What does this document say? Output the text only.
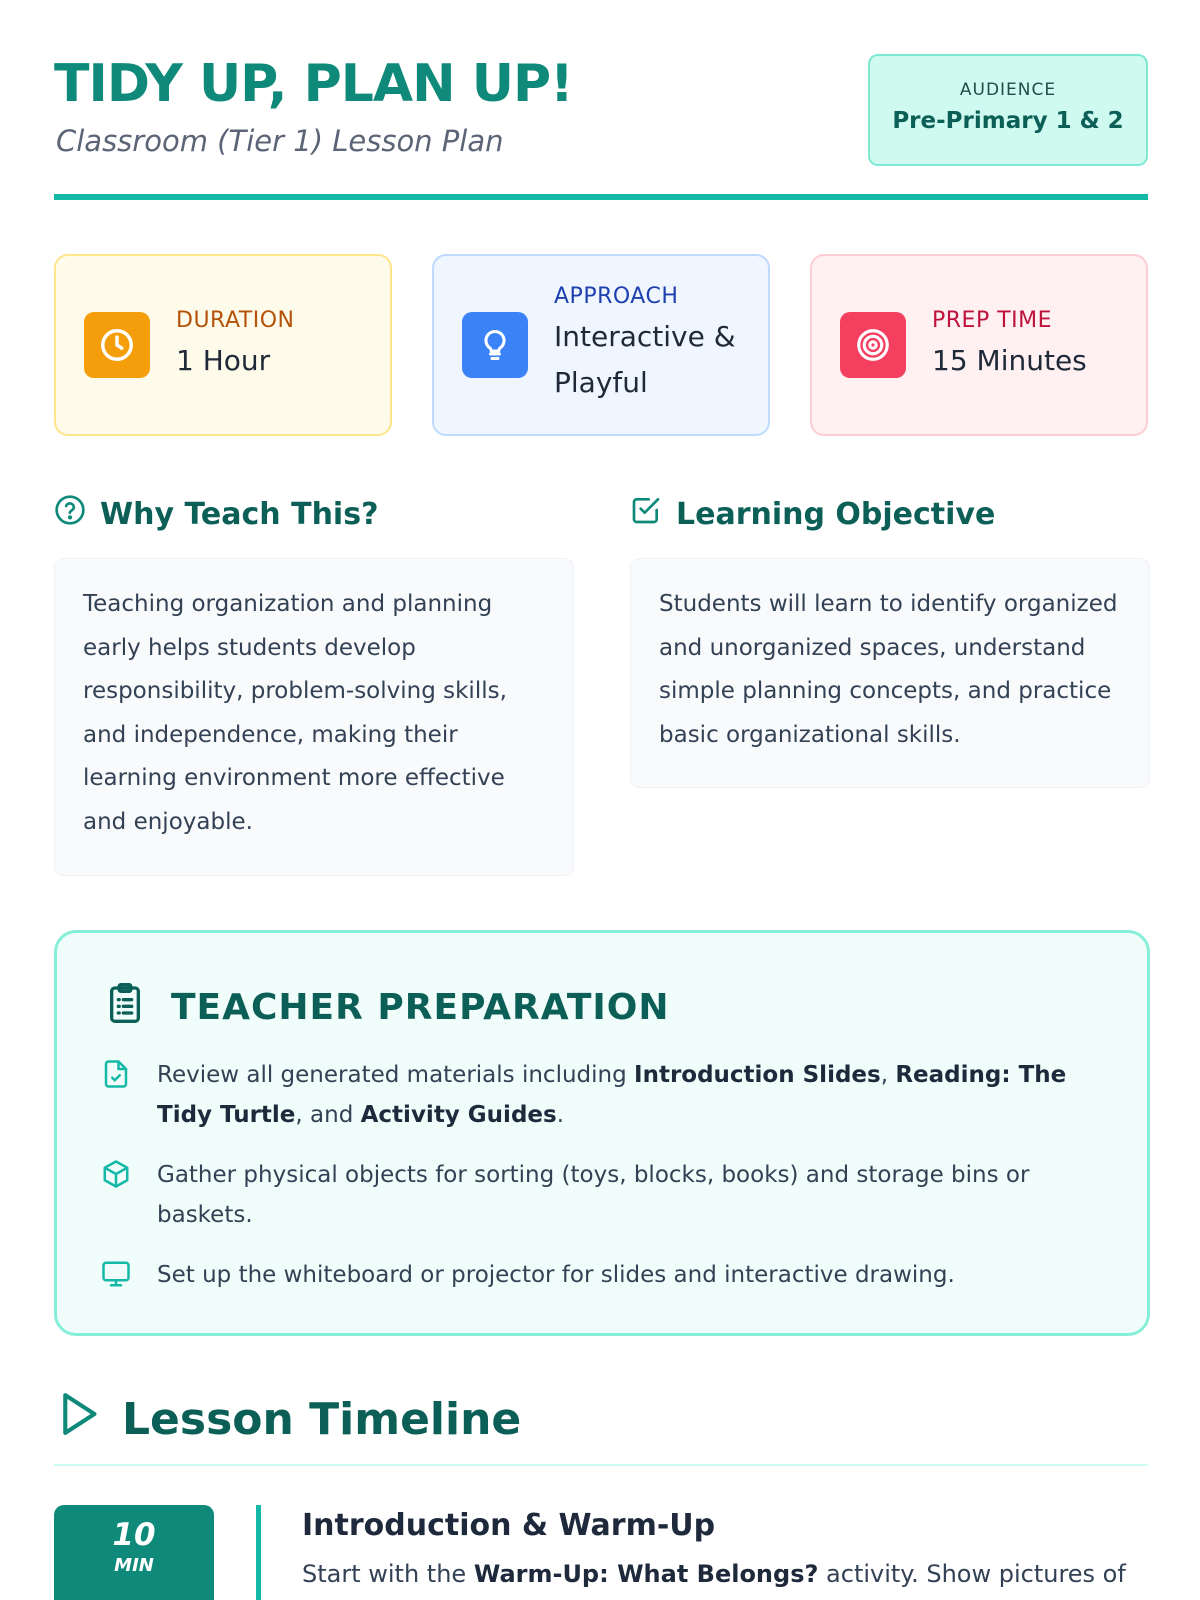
TIDY UP, PLAN UP!
Classroom (Tier 1) Lesson Plan
AUDIENCE
Pre-Primary 1 & 2
DURATION
1 Hour
APPROACH
Interactive & Playful
PREP TIME
15 Minutes
Why Teach This?
Teaching organization and planning early helps students develop responsibility, problem-solving skills, and independence, making their learning environment more effective and enjoyable.
Learning Objective
Students will learn to identify organized and unorganized spaces, understand simple planning concepts, and practice basic organizational skills.
TEACHER PREPARATION
Review all generated materials including Introduction Slides, Reading: The Tidy Turtle, and Activity Guides.
Gather physical objects for sorting (toys, blocks, books) and storage bins or baskets.
Set up the whiteboard or projector for slides and interactive drawing.
Lesson Timeline
10
MIN
Introduction & Warm-Up
Start with the Warm-Up: What Belongs? activity. Show pictures of
